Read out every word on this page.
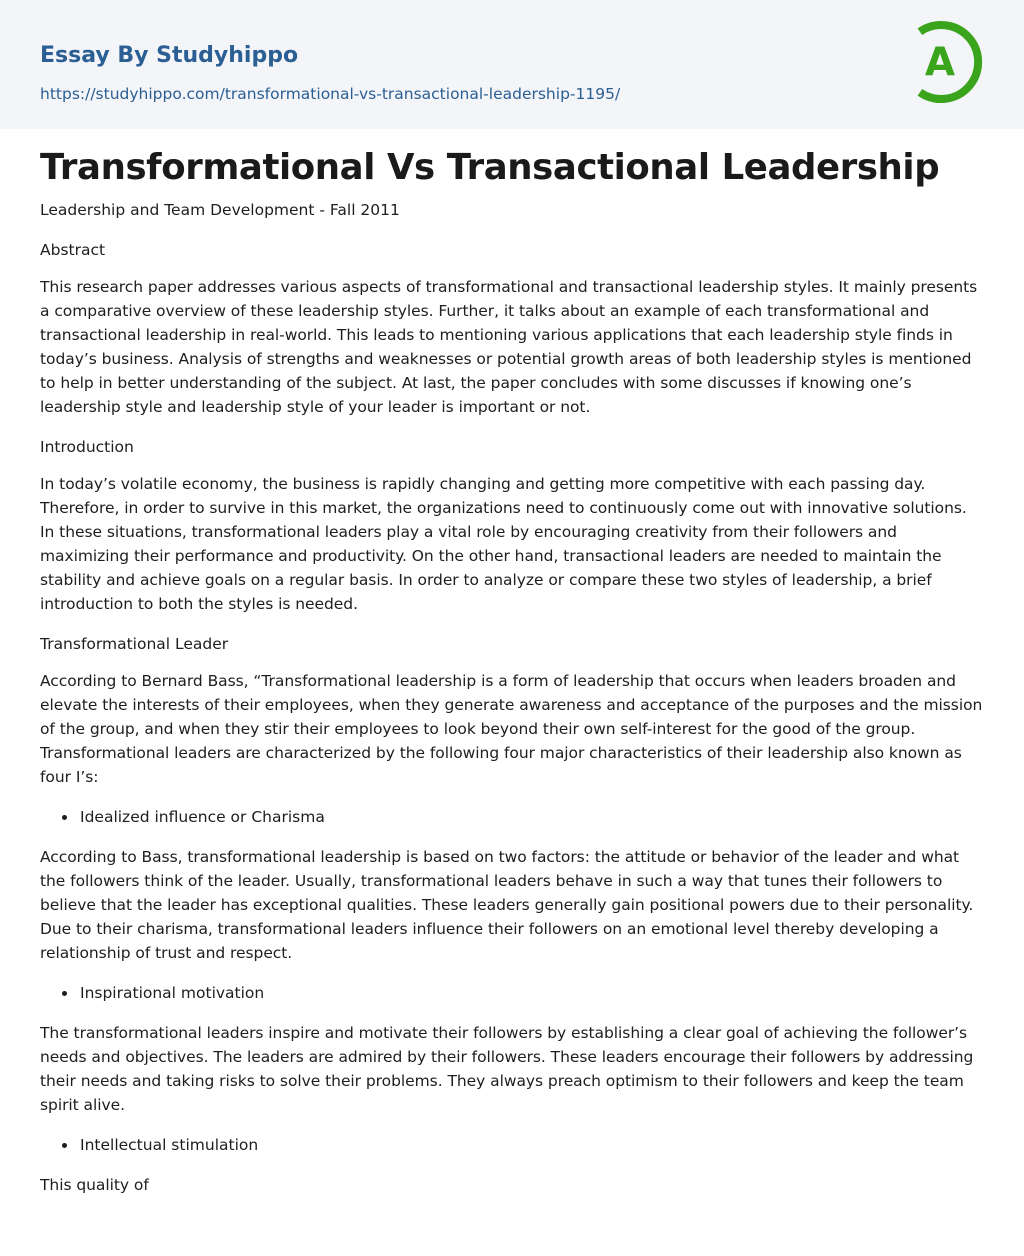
Essay By Studyhippo
https://studyhippo.com/transformational-vs-transactional-leadership-1195/
A
Transformational Vs Transactional Leadership

Leadership and Team Development - Fall 2011

Abstract

This research paper addresses various aspects of transformational and transactional leadership styles. It mainly presents a comparative overview of these leadership styles. Further, it talks about an example of each transformational and transactional leadership in real-world. This leads to mentioning various applications that each leadership style finds in today’s business. Analysis of strengths and weaknesses or potential growth areas of both leadership styles is mentioned to help in better understanding of the subject. At last, the paper concludes with some discusses if knowing one’s leadership style and leadership style of your leader is important or not.

Introduction

In today’s volatile economy, the business is rapidly changing and getting more competitive with each passing day. Therefore, in order to survive in this market, the organizations need to continuously come out with innovative solutions. In these situations, transformational leaders play a vital role by encouraging creativity from their followers and maximizing their performance and productivity. On the other hand, transactional leaders are needed to maintain the stability and achieve goals on a regular basis. In order to analyze or compare these two styles of leadership, a brief introduction to both the styles is needed.

Transformational Leader

According to Bernard Bass, “Transformational leadership is a form of leadership that occurs when leaders broaden and elevate the interests of their employees, when they generate awareness and acceptance of the purposes and the mission of the group, and when they stir their employees to look beyond their own self-interest for the good of the group. Transformational leaders are characterized by the following four major characteristics of their leadership also known as four I’s:

Idealized influence or Charisma

According to Bass, transformational leadership is based on two factors: the attitude or behavior of the leader and what the followers think of the leader. Usually, transformational leaders behave in such a way that tunes their followers to believe that the leader has exceptional qualities. These leaders generally gain positional powers due to their personality. Due to their charisma, transformational leaders influence their followers on an emotional level thereby developing a relationship of trust and respect.

Inspirational motivation

The transformational leaders inspire and motivate their followers by establishing a clear goal of achieving the follower’s needs and objectives. The leaders are admired by their followers. These leaders encourage their followers by addressing their needs and taking risks to solve their problems. They always preach optimism to their followers and keep the team spirit alive.

Intellectual stimulation

This quality of
